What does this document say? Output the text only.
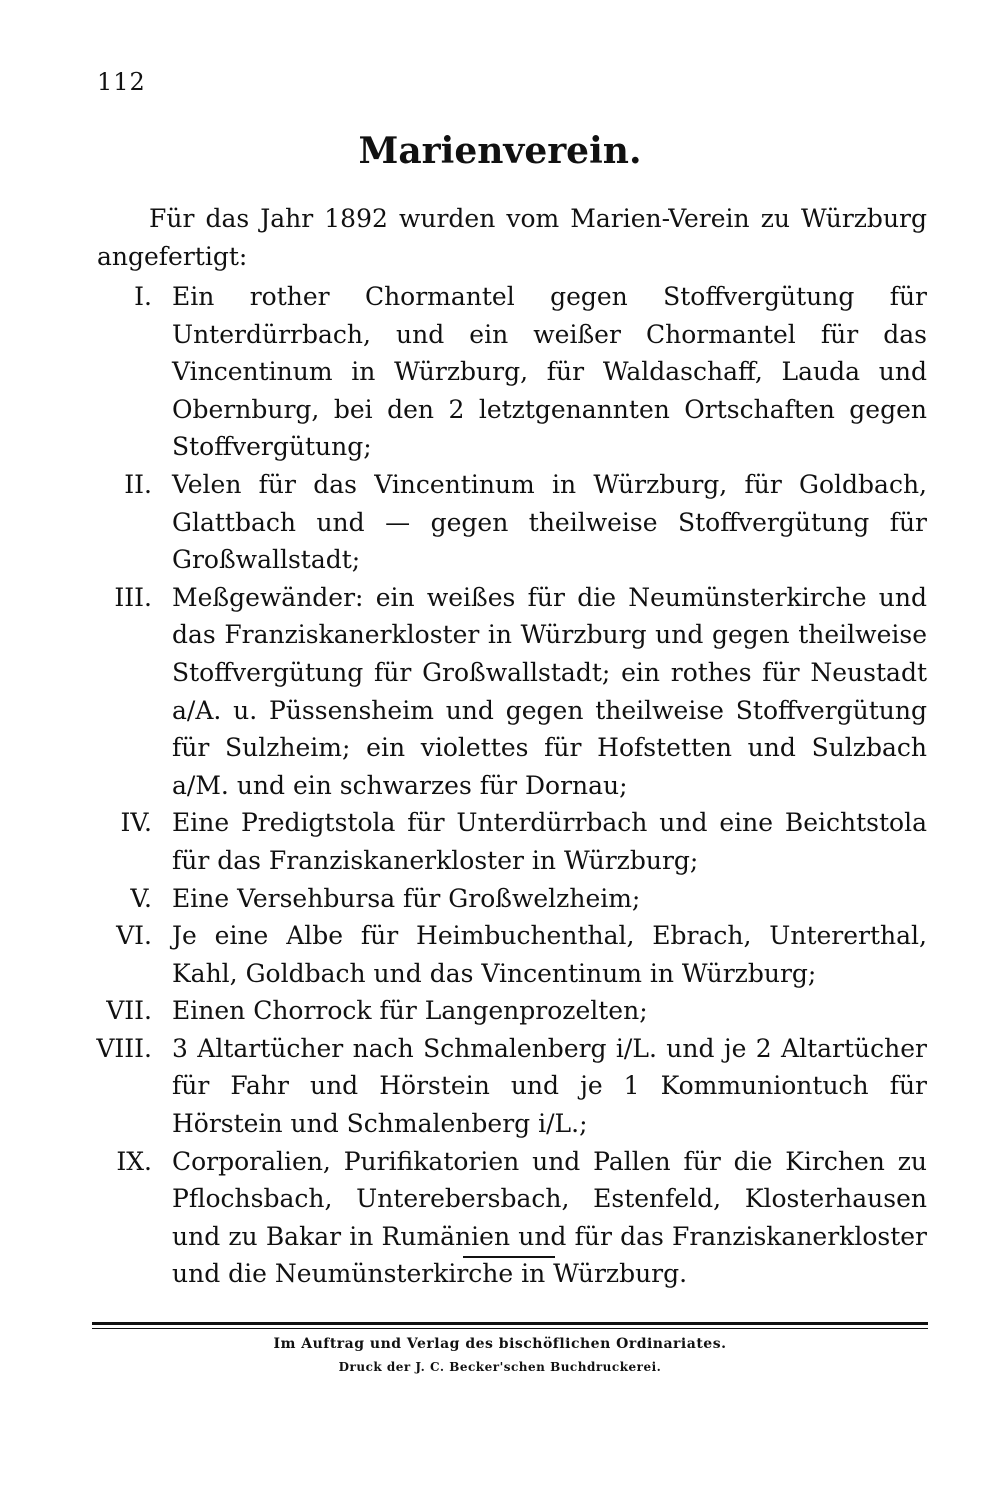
112
Marienverein.
Für das Jahr 1892 wurden vom Marien-Verein zu Würzburg angefertigt:
I. Ein rother Chormantel gegen Stoffvergütung für Unterdürrbach, und ein weißer Chormantel für das Vincentinum in Würzburg, für Waldaschaff, Lauda und Obernburg, bei den 2 letztgenannten Ortschaften gegen Stoffvergütung;
II. Velen für das Vincentinum in Würzburg, für Goldbach, Glattbach und — gegen theilweise Stoffvergütung für Großwallstadt;
III. Meßgewänder: ein weißes für die Neumünsterkirche und das Franziskanerkloster in Würzburg und gegen theilweise Stoffvergütung für Großwallstadt; ein rothes für Neustadt a/A. u. Püssensheim und gegen theilweise Stoffvergütung für Sulzheim; ein violettes für Hofstetten und Sulzbach a/M. und ein schwarzes für Dornau;
IV. Eine Predigtstola für Unterdürrbach und eine Beichtstola für das Franziskanerkloster in Würzburg;
V. Eine Versehbursa für Großwelzheim;
VI. Je eine Albe für Heimbuchenthal, Ebrach, Untererthal, Kahl, Goldbach und das Vincentinum in Würzburg;
VII. Einen Chorrock für Langenprozelten;
VIII. 3 Altartücher nach Schmalenberg i/L. und je 2 Altartücher für Fahr und Hörstein und je 1 Kommuniontuch für Hörstein und Schmalenberg i/L.;
IX. Corporalien, Purifikatorien und Pallen für die Kirchen zu Pflochsbach, Unterebersbach, Estenfeld, Klosterhausen und zu Bakar in Rumänien und für das Franziskanerkloster und die Neumünsterkirche in Würzburg.
Im Auftrag und Verlag des bischöflichen Ordinariates.
Druck der J. C. Becker'schen Buchdruckerei.
